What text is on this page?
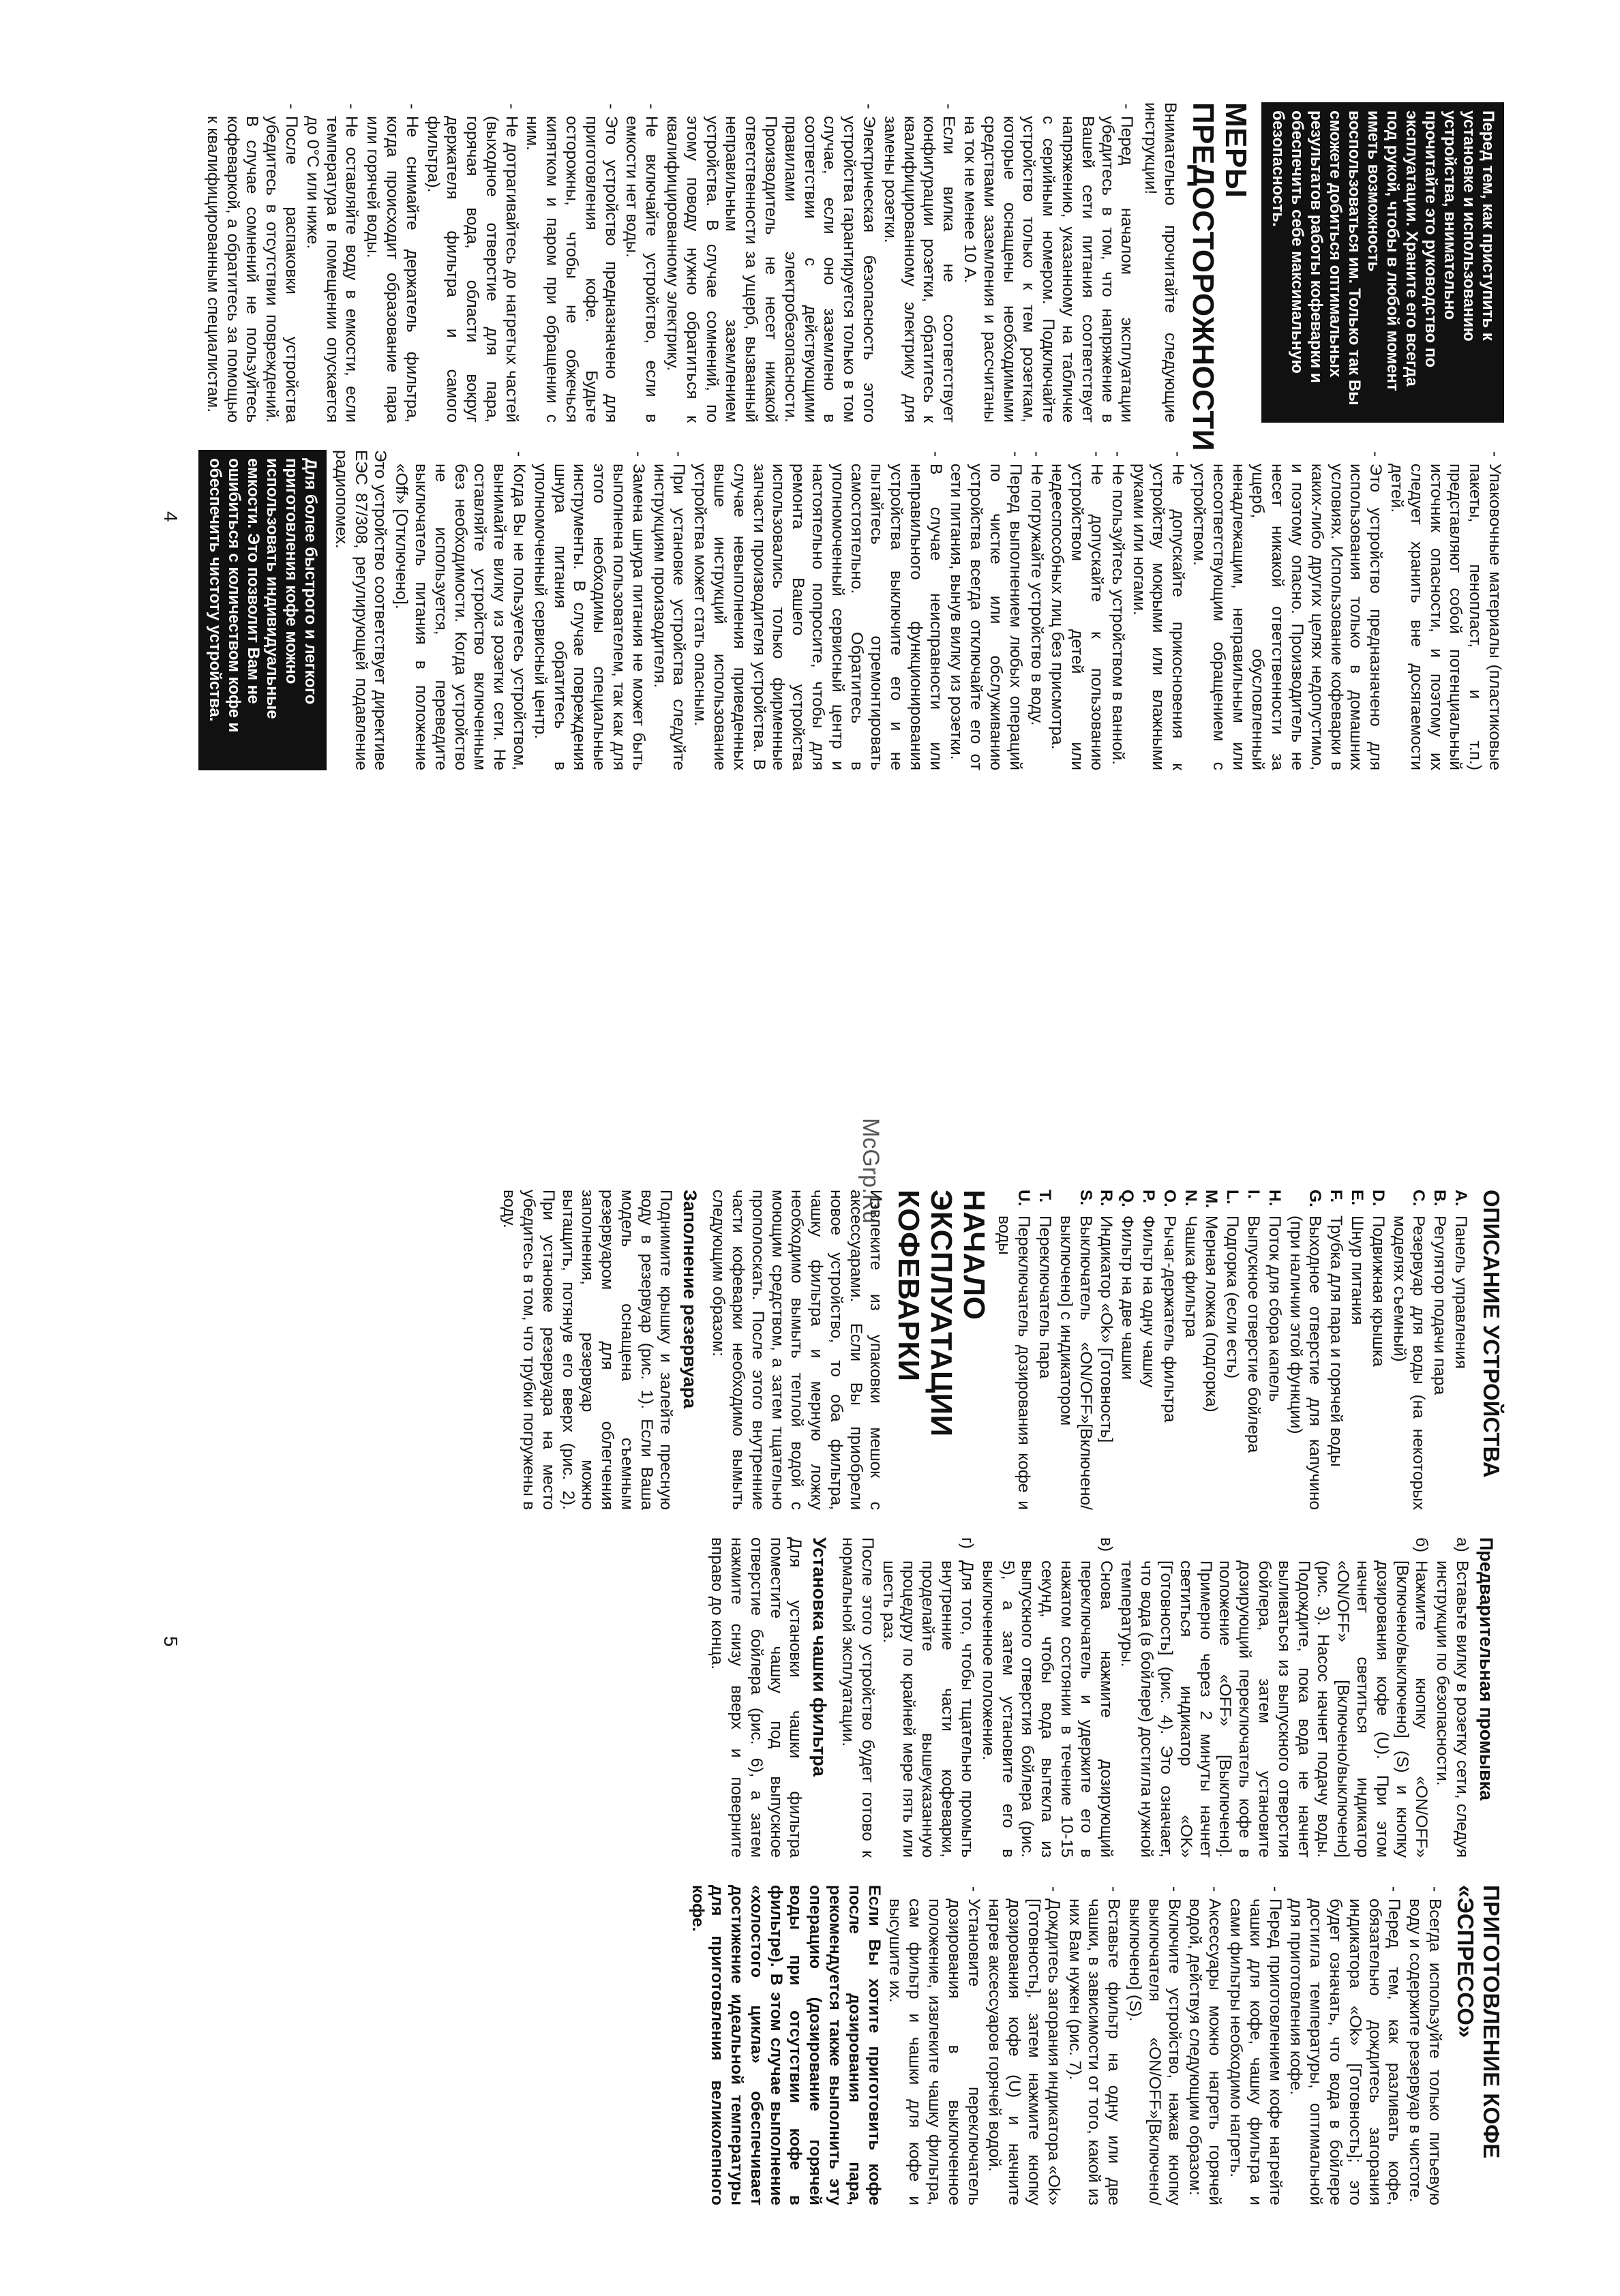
McGrp.Ru
Перед тем, как приступить к установке и использованию устройства, внимательно прочитайте это руководство по эксплуатации. Храните его всегда под рукой, чтобы в любой момент иметь возможность воспользоваться им. Только так Вы сможете добиться оптимальных результатов работы кофеварки и обеспечить себе максимальную безопасность.
МЕРЫ ПРЕДОСТОРОЖНОСТИ

Внимательно прочитайте следующие инструкции!

- Перед началом эксплуатации убедитесь в том, что напряжение в Вашей сети питания соответствует напряжению, указанному на табличке с серийным номером. Подключайте устройство только к тем розеткам, которые оснащены необходимыми средствами заземления и рассчитаны на ток не менее 10 А.
- Если вилка не соответствует конфигурации розетки, обратитесь к квалифицированному электрику для замены розетки.
- Электрическая безопасность этого устройства гарантируется только в том случае, если оно заземлено в соответствии с действующими правилами электробезопасности. Производитель не несет никакой ответственности за ущерб, вызванный неправильным заземлением устройства. В случае сомнений, по этому поводу нужно обратиться к квалифицированному электрику.
- Не включайте устройство, если в емкости нет воды.
- Это устройство предназначено для приготовления кофе. Будьте осторожны, чтобы не обжечься кипятком и паром при обращении с ним.
- Не дотрагивайтесь до нагретых частей (выходное отверстие для пара, горячая вода, области вокруг держателя фильтра и самого фильтра).
- Не снимайте держатель фильтра, когда происходит образование пара или горячей воды.
- Не оставляйте воду в емкости, если температура в помещении опускается до 0°С или ниже.
- После распаковки устройства убедитесь в отсутствии повреждений. В случае сомнений не пользуйтесь кофеваркой, а обратитесь за помощью к квалифицированным специалистам.
- Упаковочные материалы (пластиковые пакеты, пенопласт, и т.п.) представляют собой потенциальный источник опасности, и поэтому их следует хранить вне досягаемости детей.
- Это устройство предназначено для использования только в домашних условиях. Использование кофеварки в каких-либо других целях недопустимо, и поэтому опасно. Производитель не несет никакой ответственности за ущерб, обусловленный ненадлежащим, неправильным или несоответствующим обращением с устройством.
- Не допускайте прикосновения к устройству мокрыми или влажными руками или ногами.
- Не пользуйтесь устройством в ванной.
- Не допускайте к пользованию устройством детей или недееспособных лиц без присмотра.
- Не погружайте устройство в воду.
- Перед выполнением любых операций по чистке или обслуживанию устройства всегда отключайте его от сети питания, вынув вилку из розетки.
- В случае неисправности или неправильного функционирования устройства выключите его и не пытайтесь отремонтировать самостоятельно. Обратитесь в уполномоченный сервисный центр и настоятельно попросите, чтобы для ремонта Вашего устройства использовались только фирменные запчасти производителя устройства. В случае невыполнения приведенных выше инструкций использование устройства может стать опасным.
- При установке устройства следуйте инструкциям производителя.
- Замена шнура питания не может быть выполнена пользователем, так как для этого необходимы специальные инструменты. В случае повреждения шнура питания обратитесь в уполномоченный сервисный центр.
- Когда Вы не пользуетесь устройством, вынимайте вилку из розетки сети. Не оставляйте устройство включенным без необходимости. Когда устройство не используется, переведите выключатель питания в положение «Off» [Отключено].

Это устройство соответствует директиве ЕЭС 87/308, регулирующей подавление радиопомех.

Для более быстрого и легкого приготовления кофе можно использовать индивидуальные емкости. Это позволит Вам не ошибиться с количеством кофе и обеспечить чистоту устройства.
ОПИСАНИЕ УСТРОЙСТВА
A.
Панель управления
B.
Регулятор подачи пара
C.
Резервуар для воды (на некоторых моделях съемный)
D.
Подвижная крышка
E.
Шнур питания
F.
Трубка для пара и горячей воды
G.
Выходное отверстие для капучино (при наличии этой функции)
H.
Поток для сбора капель
I.
Выпускное отверстие бойлера
L.
Подгорка (если есть)
M.
Мерная ложка (подгорка)
N.
Чашка фильтра
O.
Рычаг-держатель фильтра
P.
Фильтр на одну чашку
Q.
Фильтр на две чашки
R.
Индикатор «Ok» [Готовность]
S.
Выключатель «ON/OFF»[Включено/выключено] с индикатором
T.
Переключатель пара
U.
Переключатель дозирования кофе и воды
НАЧАЛО ЭКСПЛУАТАЦИИ КОФЕВАРКИ

Извлеките из упаковки мешок с аксессуарами. Если Вы приобрели новое устройство, то оба фильтра, чашку фильтра и мерную ложку необходимо вымыть теплой водой с моющим средством, а затем тщательно прополоскать. После этого внутренние части кофеварки необходимо вымыть следующим образом:

Заполнение резервуара

Поднимите крышку и залейте пресную воду в резервуар (рис. 1). Если Ваша модель оснащена съемным резервуаром для облегчения заполнения, резервуар можно вытащить, потянув его вверх (рис. 2). При установке резервуара на место убедитесь в том, что трубки погружены в воду.

Предварительная промывка
а)
Вставьте вилку в розетку сети, следуя инструкции по безопасности.
б)
Нажмите кнопку «ON/OFF» [Включено/выключено] (S) и кнопку дозирования кофе (U). При этом начнет светиться индикатор «ON/OFF» [Включено/выключено] (рис. 3). Насос начнет подачу воды. Подождите, пока вода не начнет выливаться из выпускного отверстия бойлера, затем установите дозирующий переключатель кофе в положение «OFF» [Выключено]. Примерно через 2 минуты начнет светиться индикатор «OK» [Готовность] (рис. 4). Это означает, что вода (в бойлере) достигла нужной температуры.
в)
Снова нажмите дозирующий переключатель и удержите его в нажатом состоянии в течение 10-15 секунд, чтобы вода вытекла из выпускного отверстия бойлера (рис. 5), а затем установите его в выключенное положение.
г)
Для того, чтобы тщательно промыть внутренние части кофеварки, проделайте вышеуказанную процедуру по крайней мере пять или шесть раз.

После этого устройство будет готово к нормальной эксплуатации.

Установка чашки фильтра

Для установки чашки фильтра поместите чашку под выпускное отверстие бойлера (рис. 6), а затем нажмите снизу вверх и поверните вправо до конца.

ПРИГОТОВЛЕНИЕ КОФЕ «ЭСПРЕССО»
- Всегда используйте только питьевую воду и содержите резервуар в чистоте.
- Перед тем, как разливать кофе, обязательно дождитесь загорания индикатора «Ok» [Готовность]; это будет означать, что вода в бойлере достигла температуры, оптимальной для приготовления кофе.
- Перед приготовлением кофе нагрейте чашки для кофе, чашку фильтра и сами фильтры необходимо нагреть.
- Аксессуары можно нагреть горячей водой, действуя следующим образом:
- Включите устройство, нажав кнопку выключателя «ON/OFF»[Включено/выключено] (S).
- Вставьте фильтр на одну или две чашки, в зависимости от того, какой из них Вам нужен (рис. 7).
- Дождитесь загорания индикатора «Ok» [Готовность], затем нажмите кнопку дозирования кофе (U) и начните нагрев аксессуаров горячей водой.
- Установите переключатель дозирования в выключенное положение, извлеките чашку фильтра, сам фильтр и чашки для кофе и высушите их.

Если Вы хотите приготовить кофе после дозирования пара, рекомендуется также выполнить эту операцию (дозирование горячей воды при отсутствии кофе в фильтре). В этом случае выполнение «холостого цикла» обеспечивает достижение идеальной температуры для приготовления великолепного кофе.

4
5
